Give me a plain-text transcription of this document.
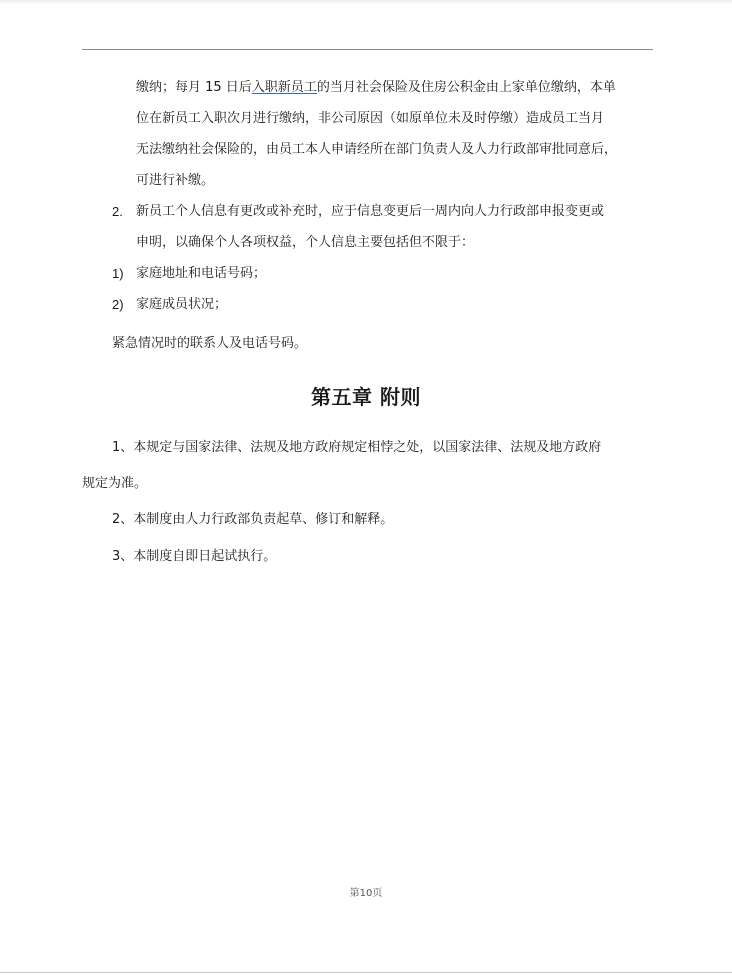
缴纳；每月 15 日后入职新员工的当月社会保险及住房公积金由上家单位缴纳，本单
位在新员工入职次月进行缴纳，非公司原因（如原单位未及时停缴）造成员工当月
无法缴纳社会保险的，由员工本人申请经所在部门负责人及人力行政部审批同意后，
可进行补缴。
2. 新员工个人信息有更改或补充时，应于信息变更后一周内向人力行政部申报变更或
申明，以确保个人各项权益，个人信息主要包括但不限于：
1) 家庭地址和电话号码；
2) 家庭成员状况；
紧急情况时的联系人及电话号码。
第五章 附则
1、本规定与国家法律、法规及地方政府规定相悖之处，以国家法律、法规及地方政府
规定为准。
2、本制度由人力行政部负责起草、修订和解释。
3、本制度自即日起试执行。
第10页
